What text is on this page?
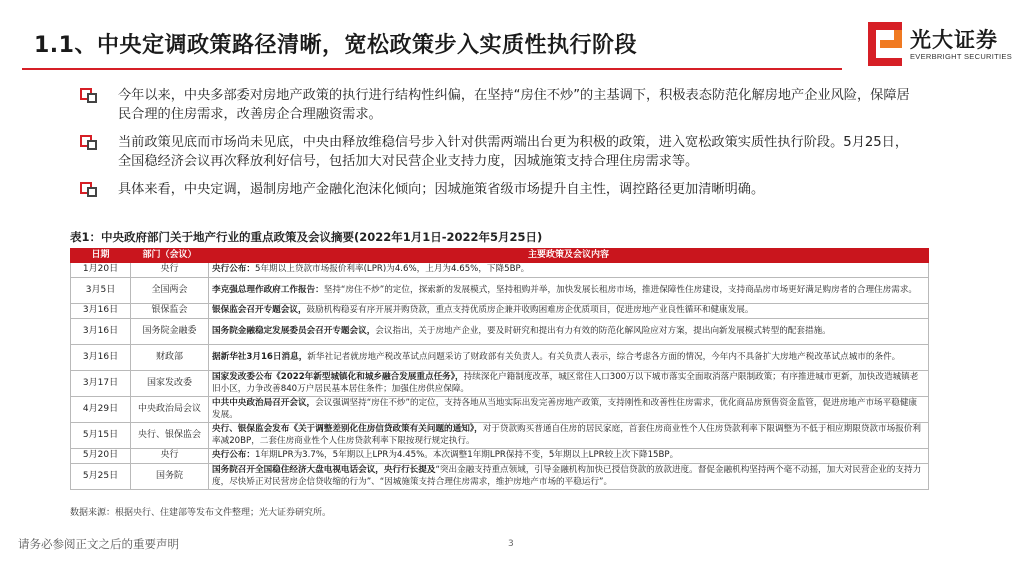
1.1、中央定调政策路径清晰，宽松政策步入实质性执行阶段	光大证券
EVERBRIGHT SECURITIES
今年以来，中央多部委对房地产政策的执行进行结构性纠偏，在坚持“房住不炒”的主基调下，积极表态防范化解房地产企业风险，保障居民合理的住房需求，改善房企合理融资需求。
当前政策见底而市场尚未见底，中央由释放维稳信号步入针对供需两端出台更为积极的政策，进入宽松政策实质性执行阶段。5月25日，全国稳经济会议再次释放利好信号，包括加大对民营企业支持力度，因城施策支持合理住房需求等。
具体来看，中央定调，遏制房地产金融化泡沫化倾向；因城施策省级市场提升自主性，调控路径更加清晰明确。
表1：中央政府部门关于地产行业的重点政策及会议摘要(2022年1月1日-2022年5月25日)
日期	部门（会议）	主要政策及会议内容
1月20日	央行	央行公布：5年期以上贷款市场报价利率(LPR)为4.6%，上月为4.65%，下降5BP。
3月5日	全国两会	李克强总理作政府工作报告：坚持“房住不炒”的定位，探索新的发展模式，坚持租购并举，加快发展长租房市场，推进保障性住房建设，支持商品房市场更好满足购房者的合理住房需求。
3月16日	银保监会	银保监会召开专题会议，鼓励机构稳妥有序开展并购贷款，重点支持优质房企兼并收购困难房企优质项目，促进房地产业良性循环和健康发展。
3月16日	国务院金融委	国务院金融稳定发展委员会召开专题会议，会议指出，关于房地产企业，要及时研究和提出有力有效的防范化解风险应对方案，提出向新发展模式转型的配套措施。
3月16日	财政部	据新华社3月16日消息，新华社记者就房地产税改革试点问题采访了财政部有关负责人。有关负责人表示，综合考虑各方面的情况，今年内不具备扩大房地产税改革试点城市的条件。
3月17日	国家发改委	国家发改委公布《2022年新型城镇化和城乡融合发展重点任务》，持续深化户籍制度改革，城区常住人口300万以下城市落实全面取消落户限制政策；有序推进城市更新，加快改造城镇老旧小区，力争改善840万户居民基本居住条件；加强住房供应保障。
4月29日	中央政治局会议	中共中央政治局召开会议，会议强调坚持“房住不炒”的定位，支持各地从当地实际出发完善房地产政策，支持刚性和改善性住房需求，优化商品房预售资金监管，促进房地产市场平稳健康发展。
5月15日	央行、银保监会	央行、银保监会发布《关于调整差别化住房信贷政策有关问题的通知》，对于贷款购买普通自住房的居民家庭，首套住房商业性个人住房贷款利率下限调整为不低于相应期限贷款市场报价利率减20BP，二套住房商业性个人住房贷款利率下限按现行规定执行。
5月20日	央行	央行公布：1年期LPR为3.7%，5年期以上LPR为4.45%。本次调整1年期LPR保持不变，5年期以上LPR较上次下降15BP。
5月25日	国务院	国务院召开全国稳住经济大盘电视电话会议，央行行长提及“突出金融支持重点领域，引导金融机构加快已授信贷款的放款进度。督促金融机构坚持两个毫不动摇，加大对民营企业的支持力度，尽快矫正对民营房企信贷收缩的行为”、“因城施策支持合理住房需求，维护房地产市场的平稳运行”。
数据来源：根据央行、住建部等发布文件整理；光大证券研究所。
请务必参阅正文之后的重要声明	3
